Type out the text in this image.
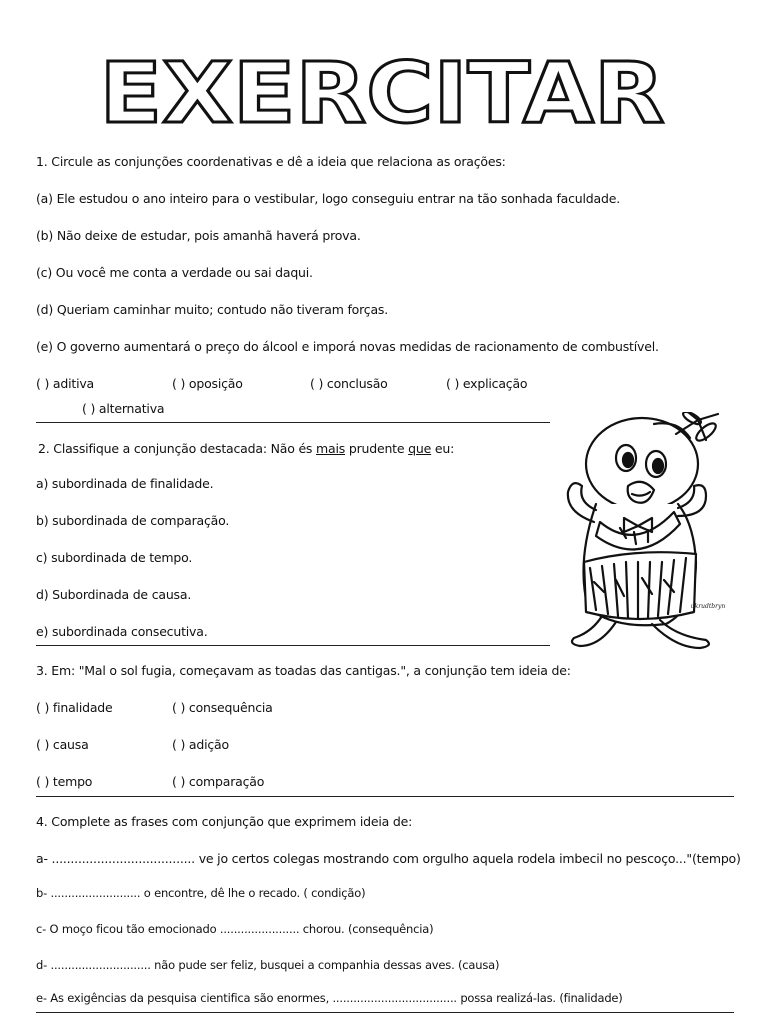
EXERCITAR
1. Circule as conjunções coordenativas e dê a ideia que relaciona as orações:
(a) Ele estudou o ano inteiro para o vestibular, logo conseguiu entrar na tão sonhada faculdade.
(b) Não deixe de estudar, pois amanhã haverá prova.
(c) Ou você me conta a verdade ou sai daqui.
(d) Queriam caminhar muito; contudo não tiveram forças.
(e) O governo aumentará o preço do álcool e imporá novas medidas de racionamento de combustível.
( ) aditiva	( ) oposição	( ) conclusão	( ) explicação
( ) alternativa
2. Classifique a conjunção destacada: Não és mais prudente que eu:
a) subordinada de finalidade.
b) subordinada de comparação.
c) subordinada de tempo.
d) Subordinada de causa.
e) subordinada consecutiva.
ukrudtbryn
3. Em: "Mal o sol fugia, começavam as toadas das cantigas.", a conjunção tem ideia de:
( ) finalidade	( ) consequência
( ) causa	( ) adição
( ) tempo	( ) comparação
4. Complete as frases com conjunção que exprimem ideia de:
a- ...................................... ve jo certos colegas mostrando com orgulho aquela rodela imbecil no pescoço..."(tempo)
b- .......................... o encontre, dê lhe o recado. ( condição)
c- O moço ficou tão emocionado ....................... chorou. (consequência)
d- ............................. não pude ser feliz, busquei a companhia dessas aves. (causa)
e- As exigências da pesquisa cientifica são enormes, .................................... possa realizá-las. (finalidade)
